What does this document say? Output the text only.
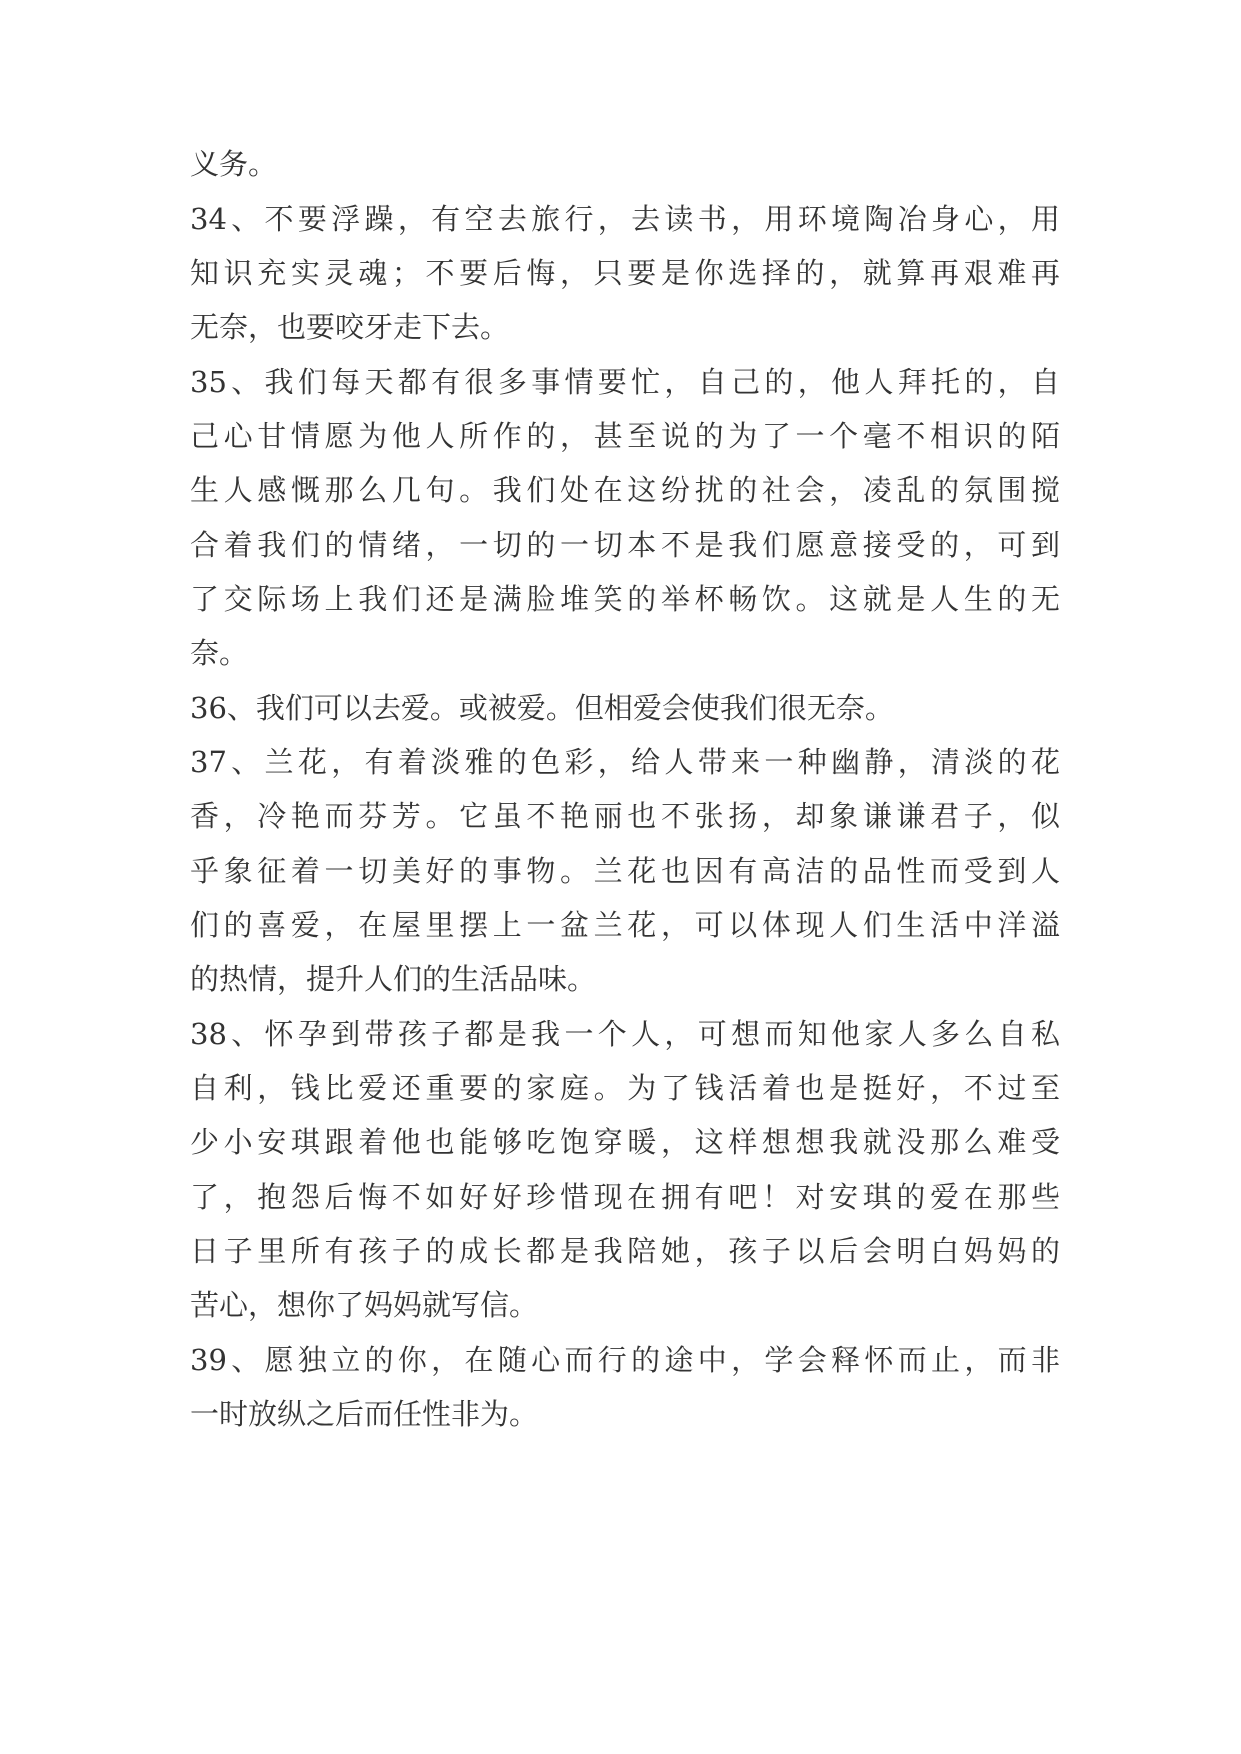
义务。
34、不要浮躁，有空去旅行，去读书，用环境陶冶身心，用
知识充实灵魂；不要后悔，只要是你选择的，就算再艰难再
无奈，也要咬牙走下去。
35、我们每天都有很多事情要忙，自己的，他人拜托的，自
己心甘情愿为他人所作的，甚至说的为了一个毫不相识的陌
生人感慨那么几句。我们处在这纷扰的社会，凌乱的氛围搅
合着我们的情绪，一切的一切本不是我们愿意接受的，可到
了交际场上我们还是满脸堆笑的举杯畅饮。这就是人生的无
奈。
36、我们可以去爱。或被爱。但相爱会使我们很无奈。
37、兰花，有着淡雅的色彩，给人带来一种幽静，清淡的花
香，冷艳而芬芳。它虽不艳丽也不张扬，却象谦谦君子，似
乎象征着一切美好的事物。兰花也因有高洁的品性而受到人
们的喜爱，在屋里摆上一盆兰花，可以体现人们生活中洋溢
的热情，提升人们的生活品味。
38、怀孕到带孩子都是我一个人，可想而知他家人多么自私
自利，钱比爱还重要的家庭。为了钱活着也是挺好，不过至
少小安琪跟着他也能够吃饱穿暖，这样想想我就没那么难受
了，抱怨后悔不如好好珍惜现在拥有吧！对安琪的爱在那些
日子里所有孩子的成长都是我陪她，孩子以后会明白妈妈的
苦心，想你了妈妈就写信。
39、愿独立的你，在随心而行的途中，学会释怀而止，而非
一时放纵之后而任性非为。
